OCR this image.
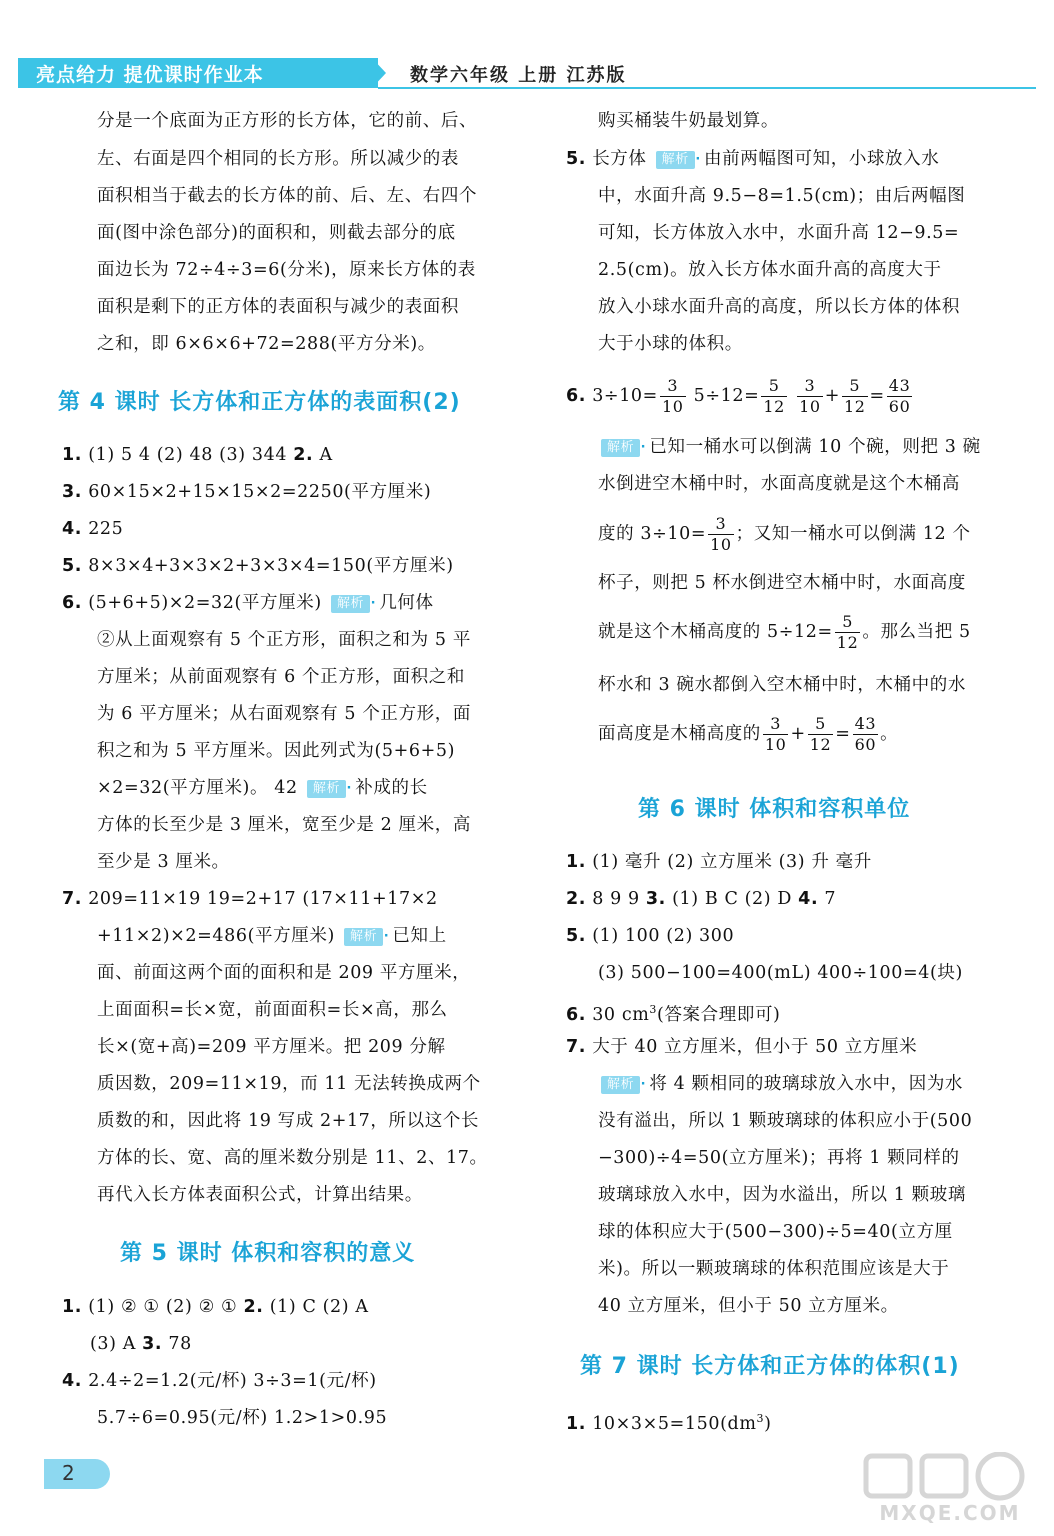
亮点给力 提优课时作业本	数学六年级 上册 江苏版
分是一个底面为正方形的长方体，它的前、后、
左、右面是四个相同的长方形。所以减少的表
面积相当于截去的长方体的前、后、左、右四个
面(图中涂色部分)的面积和，则截去部分的底
面边长为 72÷4÷3=6(分米)，原来长方体的表
面积是剩下的正方体的表面积与减少的表面积
之和，即 6×6×6+72=288(平方分米)。
第 4 课时 长方体和正方体的表面积(2)
1. (1) 5 4 (2) 48 (3) 344 2. A
3. 60×15×2+15×15×2=2250(平方厘米)
4. 225
5. 8×3×4+3×3×2+3×3×4=150(平方厘米)
6. (5+6+5)×2=32(平方厘米) 解析 · 几何体
②从上面观察有 5 个正方形，面积之和为 5 平
方厘米；从前面观察有 6 个正方形，面积之和
为 6 平方厘米；从右面观察有 5 个正方形，面
积之和为 5 平方厘米。因此列式为(5+6+5)
×2=32(平方厘米)。 42 解析 · 补成的长
方体的长至少是 3 厘米，宽至少是 2 厘米，高
至少是 3 厘米。
7. 209=11×19 19=2+17 (17×11+17×2
+11×2)×2=486(平方厘米) 解析 · 已知上
面、前面这两个面的面积和是 209 平方厘米，
上面面积=长×宽，前面面积=长×高，那么
长×(宽+高)=209 平方厘米。把 209 分解
质因数，209=11×19，而 11 无法转换成两个
质数的和，因此将 19 写成 2+17，所以这个长
方体的长、宽、高的厘米数分别是 11、2、17。
再代入长方体表面积公式，计算出结果。
第 5 课时 体积和容积的意义
1. (1) ② ① (2) ② ① 2. (1) C (2) A
(3) A 3. 78
4. 2.4÷2=1.2(元/杯) 3÷3=1(元/杯)
5.7÷6=0.95(元/杯) 1.2>1>0.95
购买桶装牛奶最划算。
5. 长方体 解析 · 由前两幅图可知，小球放入水
中，水面升高 9.5−8=1.5(cm)；由后两幅图
可知，长方体放入水中，水面升高 12−9.5=
2.5(cm)。放入长方体水面升高的高度大于
放入小球水面升高的高度，所以长方体的体积
大于小球的体积。
6. $3\div 10= \frac{3}{10} 5\div 12= \frac{5}{12}$
$\frac{3}{10} + \frac{5}{12} = \frac{43}{60}$
解析 · 已知一桶水可以倒满 10 个碗，则把 3 碗
水倒进空木桶中时，水面高度就是这个木桶高
度的 $3\div 10= \frac{3}{10}$ ；又知一桶水可以倒满 12 个
杯子，则把 5 杯水倒进空木桶中时，水面高度
就是这个木桶高度的 $5\div 12= \frac{5}{12}$ 。那么当把 5
杯水和 3 碗水都倒入空木桶中时，木桶中的水
面高度是木桶高度的 $\frac{3}{10} + \frac{5}{12} = \frac{43}{60}$ 。
第 6 课时 体积和容积单位
1. (1) 毫升 (2) 立方厘米 (3) 升 毫升
2. 8 9 9 3. (1) B C (2) D 4. 7
5. (1) 100 (2) 300
(3) 500−100=400(mL) 400÷100=4(块)
6. 30 $cm^3$(答案合理即可)
7. 大于 40 立方厘米，但小于 50 立方厘米
解析 · 将 4 颗相同的玻璃球放入水中，因为水
没有溢出，所以 1 颗玻璃球的体积应小于(500
−300)÷4=50(立方厘米)；再将 1 颗同样的
玻璃球放入水中，因为水溢出，所以 1 颗玻璃
球的体积应大于(500−300)÷5=40(立方厘
米)。所以一颗玻璃球的体积范围应该是大于
40 立方厘米，但小于 50 立方厘米。
第 7 课时 长方体和正方体的体积(1)
1. $10\times 3\times 5=150(dm^3)$
2
MXQE.COM
